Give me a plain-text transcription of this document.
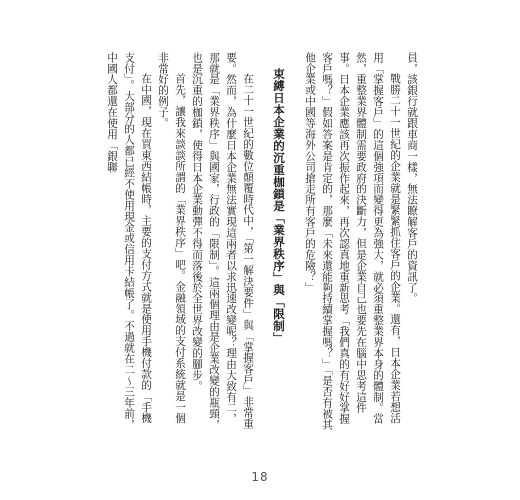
員，該銀行就跟車商一樣，無法瞭解客戶的資訊了。

戰勝二十一世紀的企業就是緊緊抓住客戶的企業。還有，日本企業若想活用「掌握客戶」的這個強項而變得更為強大，就必須重整業界本身的體制。當然，重整業界體制需要政府的決斷力，但是企業自己也要先在腦中思考這件事。日本企業應該再次振作起來，再次認真地重新思考「我們真的有好好掌握客戶嗎？」假如答案是肯定的，那麼「未來還能夠持續掌握嗎？」「是否有被其他企業或中國等海外公司搶走所有客戶的危險？」

束縛日本企業的沉重枷鎖是「業界秩序」與「限制」

在二十一世紀的數位顛覆時代中，「第一解決要件」與「掌握客戶」非常重要。然而，為什麼日本企業無法實現這兩者以求迅速改變呢？理由大致有二，那就是「業界秩序」與國家，行政的「限制」。這兩個理由是企業改變的瓶頸，也是沉重的枷鎖，使得日本企業動彈不得而落後於全世界改變的腳步。

首先，讓我來談談所謂的「業界秩序」吧。金融領域的支付系統就是一個非常好的例子。

在中國，現在買東西結帳時，主要的支付方式就是使用手機付款的「手機支付」。大部分的人都已經不使用現金或信用卡結帳了。不過就在二～三年前，中國人都還在使用「銀聯

18
